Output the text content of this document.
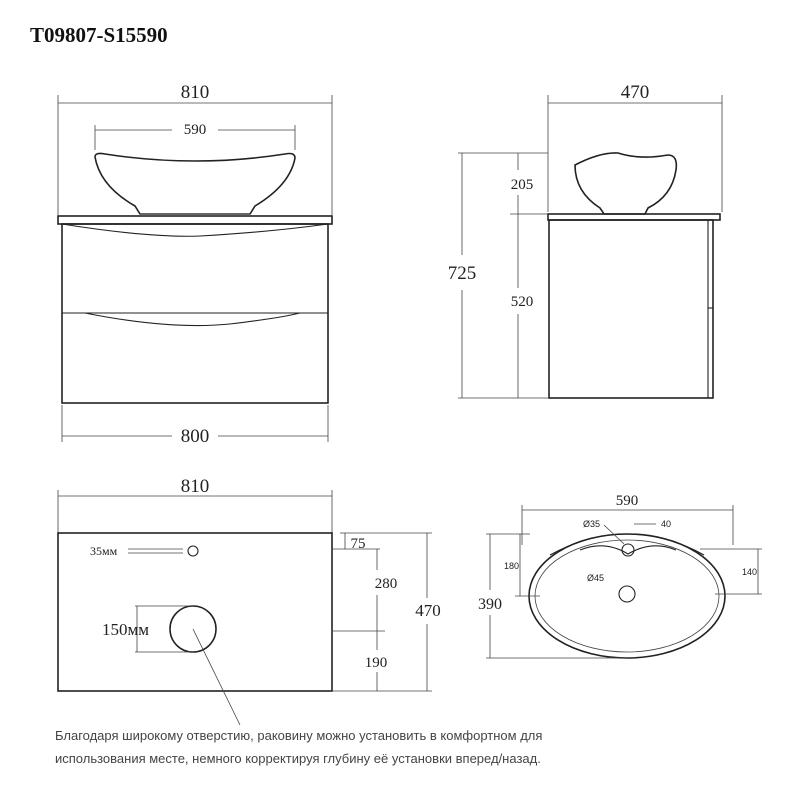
T09807-S15590
810
590
800
470
725
205
520
810
35мм
150мм
75
280
190
470
590
Ø35	40
Ø45
180
390
140
Благодаря широкому отверстию, раковину можно установить в комфортном для
использования месте, немного корректируя глубину её установки вперед/назад.
